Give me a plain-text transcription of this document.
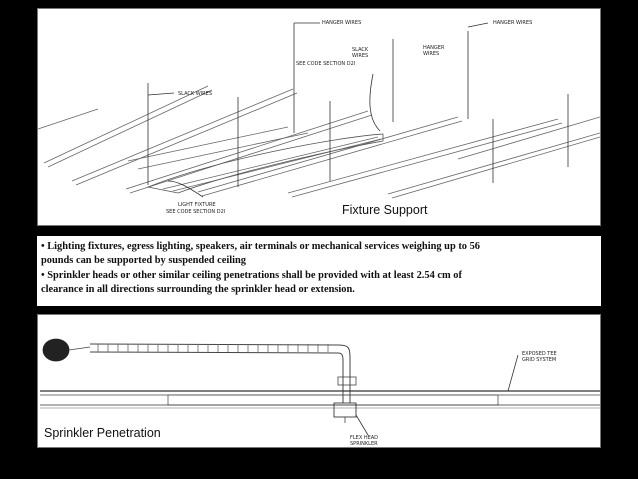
HANGER WIRES	HANGER WIRES
SLACK
WIRES
SEE CODE SECTION D2I
HANGER
WIRES
SLACK WIRES
LIGHT FIXTURE
SEE CODE SECTION D2I	Fixture Support
• Lighting fixtures, egress lighting, speakers, air terminals or mechanical services weighing up to 56
pounds can be supported by suspended ceiling
• Sprinkler heads or other similar ceiling penetrations shall be provided with at least 2.54 cm of
clearance in all directions surrounding the sprinkler head or extension.
EXPOSED TEE
GRID SYSTEM
FLEX HEAD
SPRINKLER
Sprinkler Penetration
